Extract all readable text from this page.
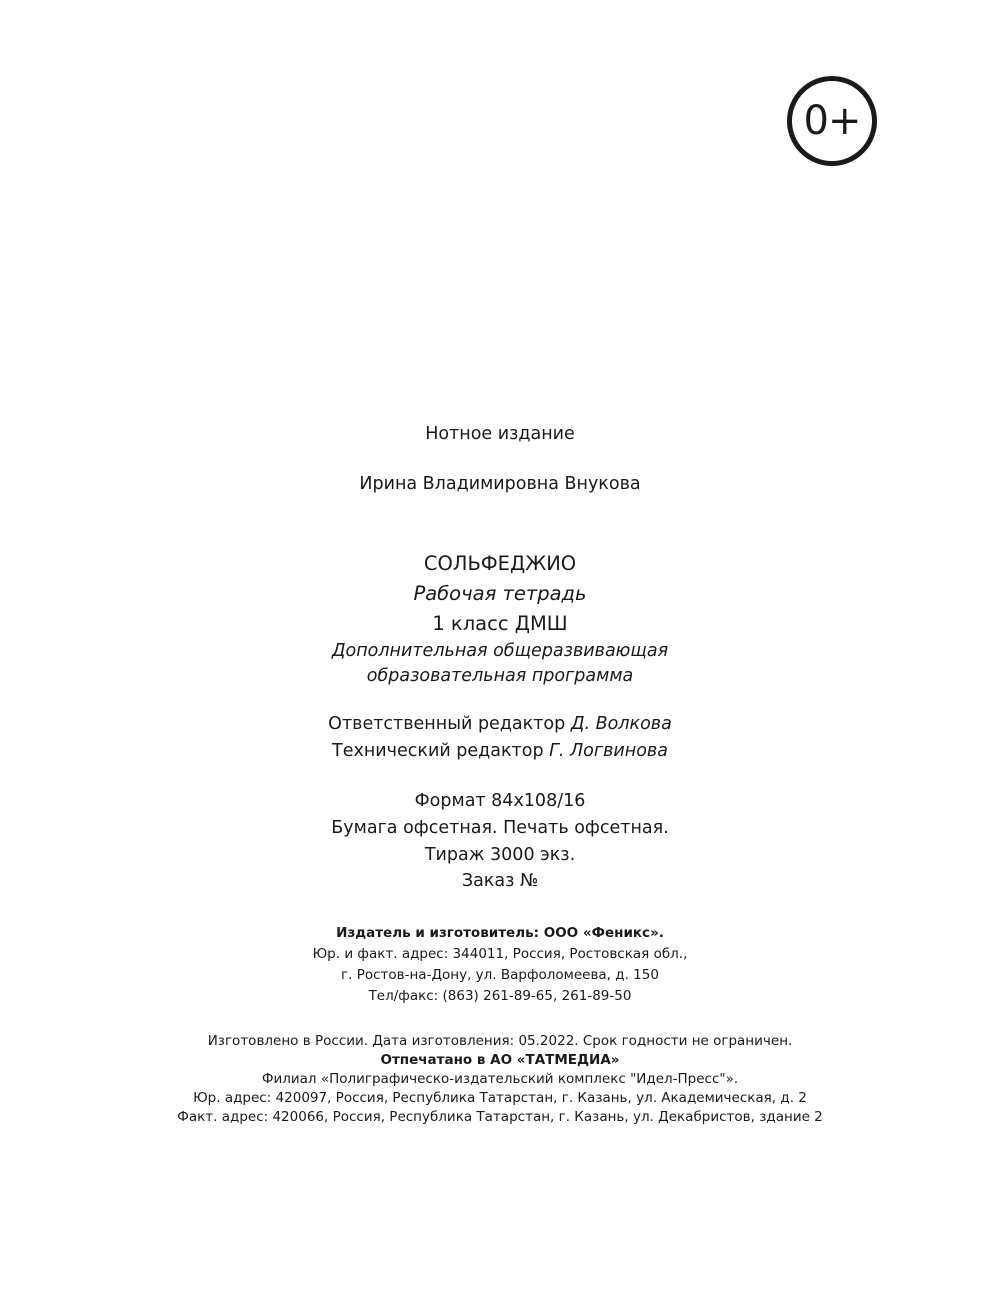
0+
Нотное издание
Ирина Владимировна Внукова
СОЛЬФЕДЖИО
Рабочая тетрадь
1 класс ДМШ
Дополнительная общеразвивающая
образовательная программа
Ответственный редактор Д. Волкова
Технический редактор Г. Логвинова
Формат 84x108/16
Бумага офсетная. Печать офсетная.
Тираж 3000 экз.
Заказ №
Издатель и изготовитель: ООО «Феникс».
Юр. и факт. адрес: 344011, Россия, Ростовская обл.,
г. Ростов-на-Дону, ул. Варфоломеева, д. 150
Тел/факс: (863) 261-89-65, 261-89-50
Изготовлено в России. Дата изготовления: 05.2022. Срок годности не ограничен.
Отпечатано в АО «ТАТМЕДИА»
Филиал «Полиграфическо-издательский комплекс "Идел-Пресс"».
Юр. адрес: 420097, Россия, Республика Татарстан, г. Казань, ул. Академическая, д. 2
Факт. адрес: 420066, Россия, Республика Татарстан, г. Казань, ул. Декабристов, здание 2
